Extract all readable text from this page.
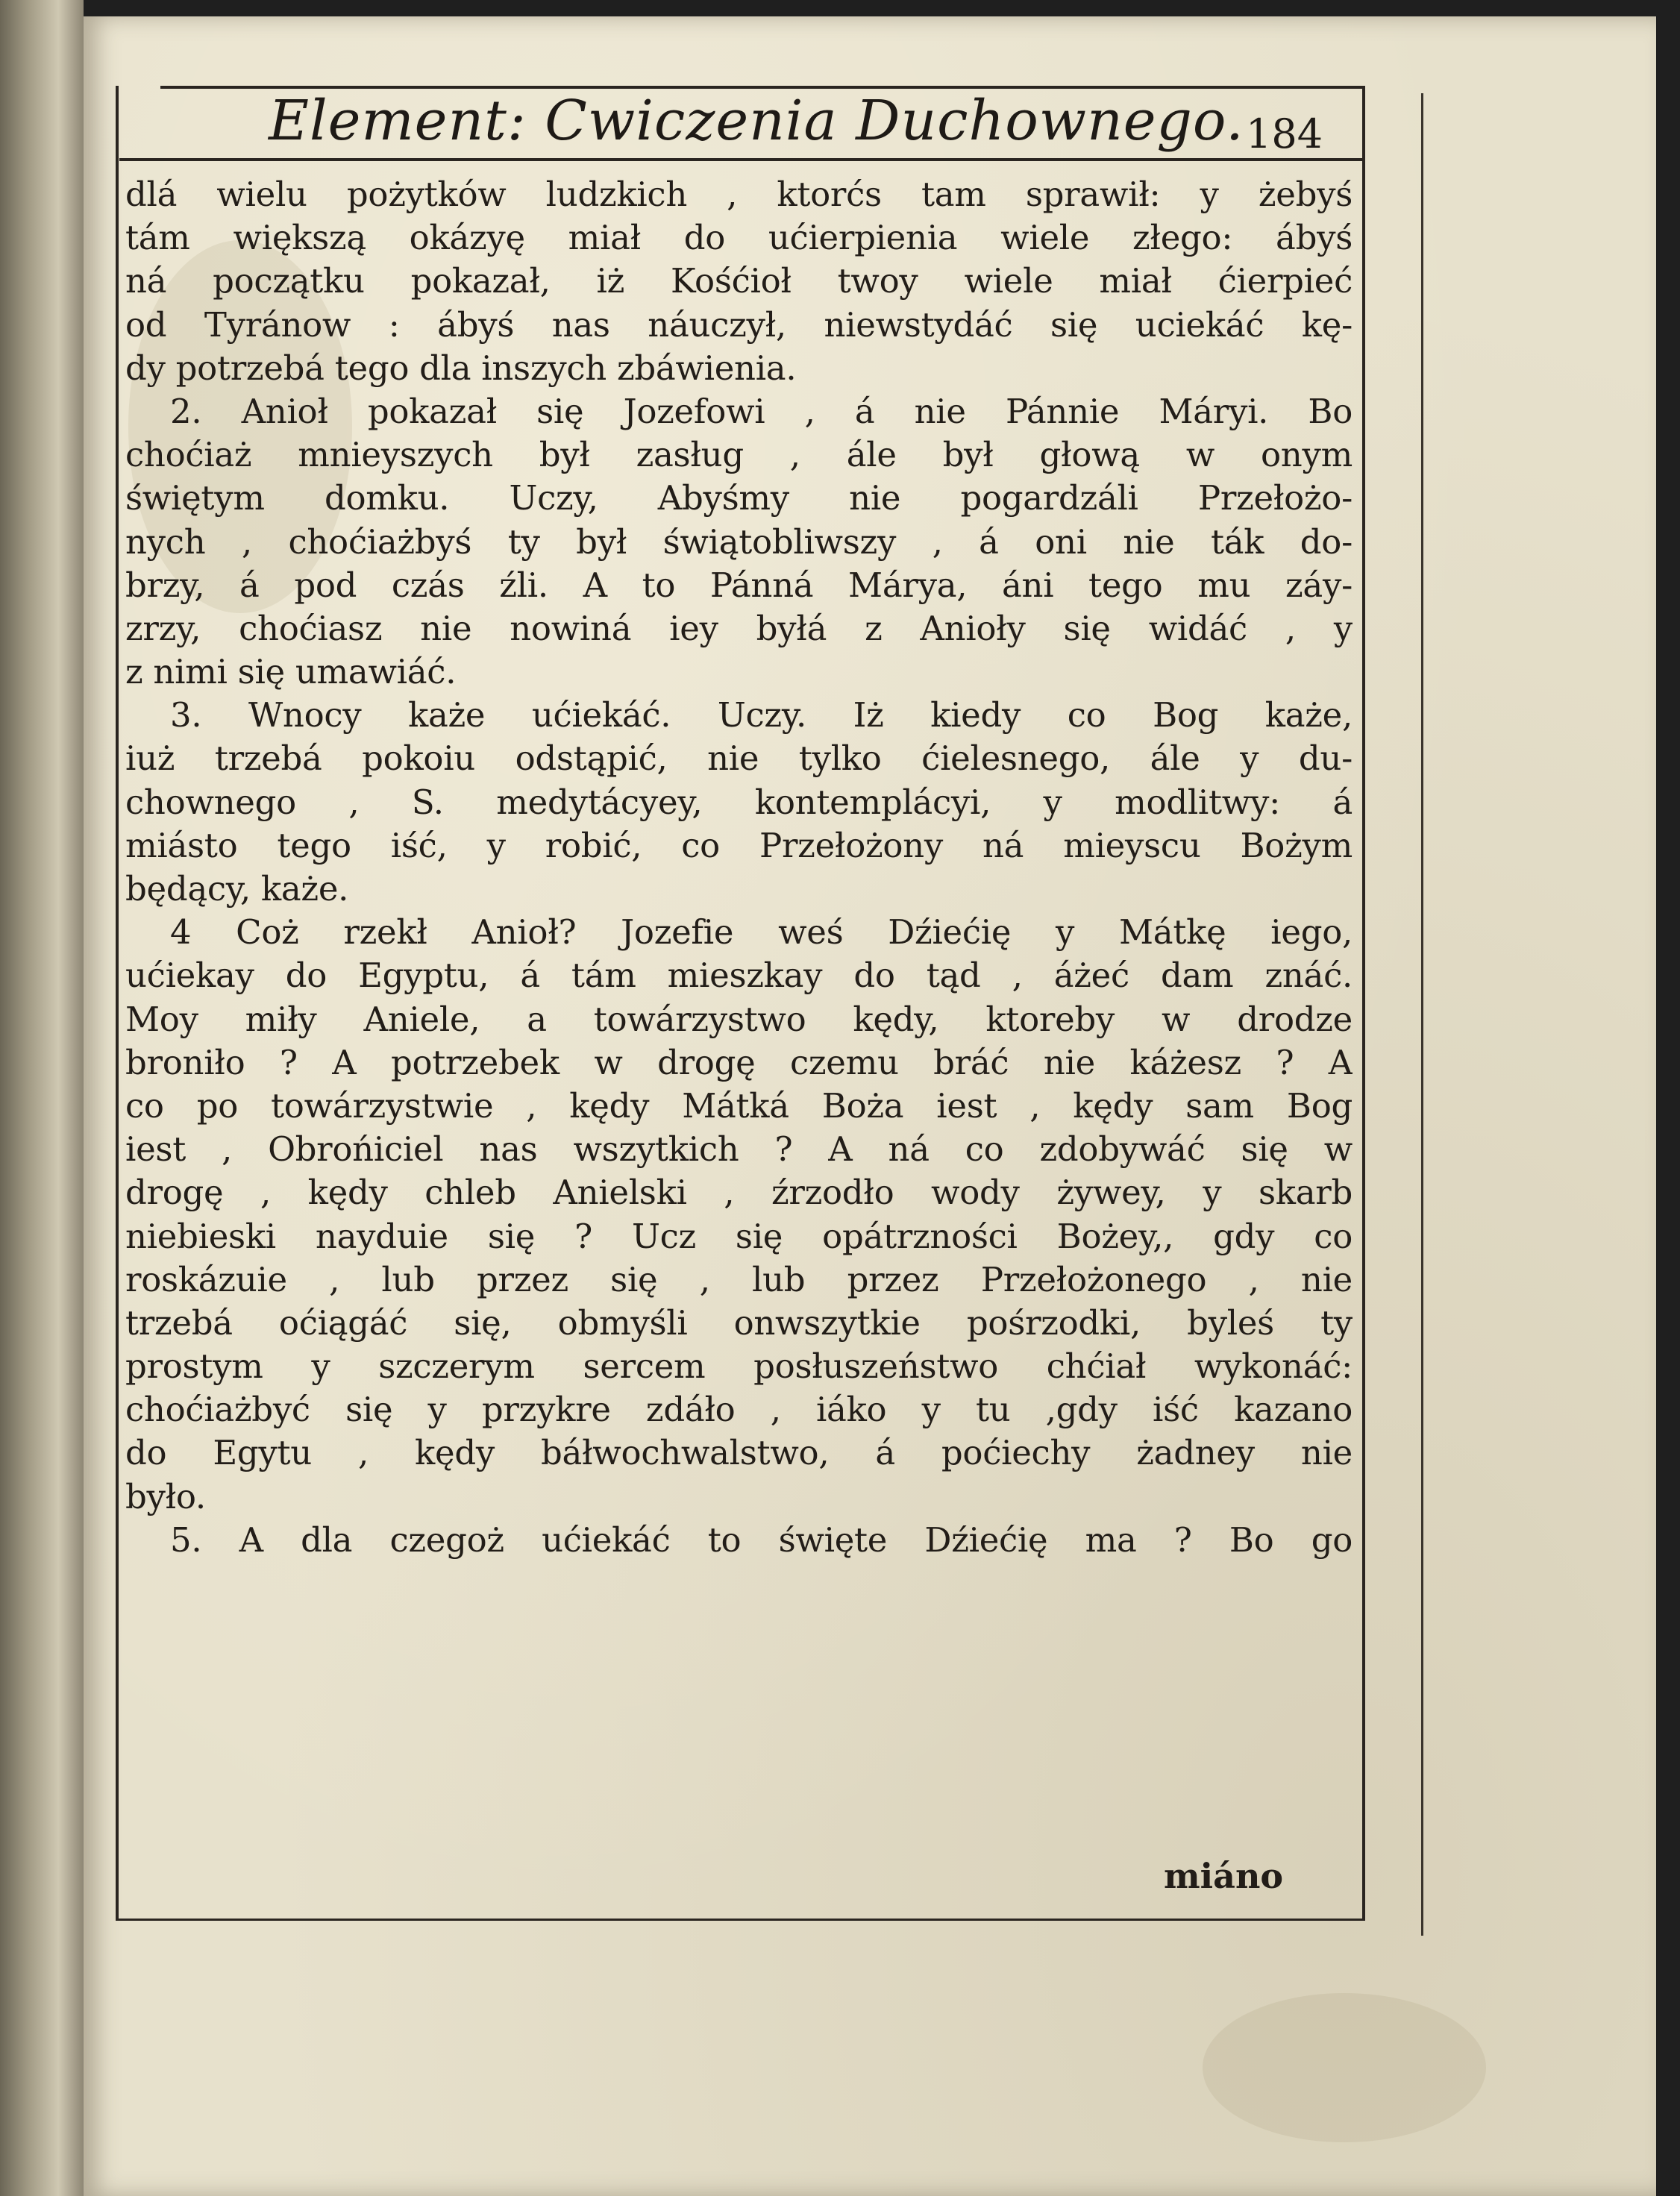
Element: Cwiczenia Duchownego. 184
dlá wielu pożytków ludzkich , ktorćs tam sprawił: y żebyś
tám większą okázyę miał do ućierpienia wiele złego: ábyś
ná początku pokazał, iż Kośćioł twoy wiele miał ćierpieć
od Tyránow : ábyś nas náuczył, niewstydáć się uciekáć kę-
dy potrzebá tego dla inszych zbáwienia.
2. Anioł pokazał się Jozefowi , á nie Pánnie Máryi. Bo
choćiaż mnieyszych był zasług , ále był głową w onym
świętym domku. Uczy, Abyśmy nie pogardzáli Przełożo-
nych , choćiażbyś ty był świątobliwszy , á oni nie ták do-
brzy, á pod czás źli. A to Pánná Márya, áni tego mu záy-
zrzy, choćiasz nie nowiná iey byłá z Anioły się widáć , y
z nimi się umawiáć.
3. Wnocy każe ućiekáć. Uczy. Iż kiedy co Bog każe,
iuż trzebá pokoiu odstąpić, nie tylko ćielesnego, ále y du-
chownego , S. medytácyey, kontemplácyi, y modlitwy: á
miásto tego iść, y robić, co Przełożony ná mieyscu Bożym
będący, każe.
4 Coż rzekł Anioł? Jozefie weś Dźiećię y Mátkę iego,
ućiekay do Egyptu, á tám mieszkay do tąd , áżeć dam znáć.
Moy miły Aniele, a towárzystwo kędy, ktoreby w drodze
broniło ? A potrzebek w drogę czemu bráć nie káżesz ? A
co po towárzystwie , kędy Mátká Boża iest , kędy sam Bog
iest , Obrońiciel nas wszytkich ? A ná co zdobywáć się w
drogę , kędy chleb Anielski , źrzodło wody żywey, y skarb
niebieski nayduie się ? Ucz się opátrzności Bożey,, gdy co
roskázuie , lub przez się , lub przez Przełożonego , nie
trzebá oćiągáć się, obmyśli onwszytkie pośrzodki, byleś ty
prostym y szczerym sercem posłuszeństwo chćiał wykonáć:
choćiażbyć się y przykre zdáło , iáko y tu ,gdy iść kazano
do Egytu , kędy báłwochwalstwo, á poćiechy żadney nie
było.
5. A dla czegoż ućiekáć to święte Dźiećię ma ? Bo go
miáno
